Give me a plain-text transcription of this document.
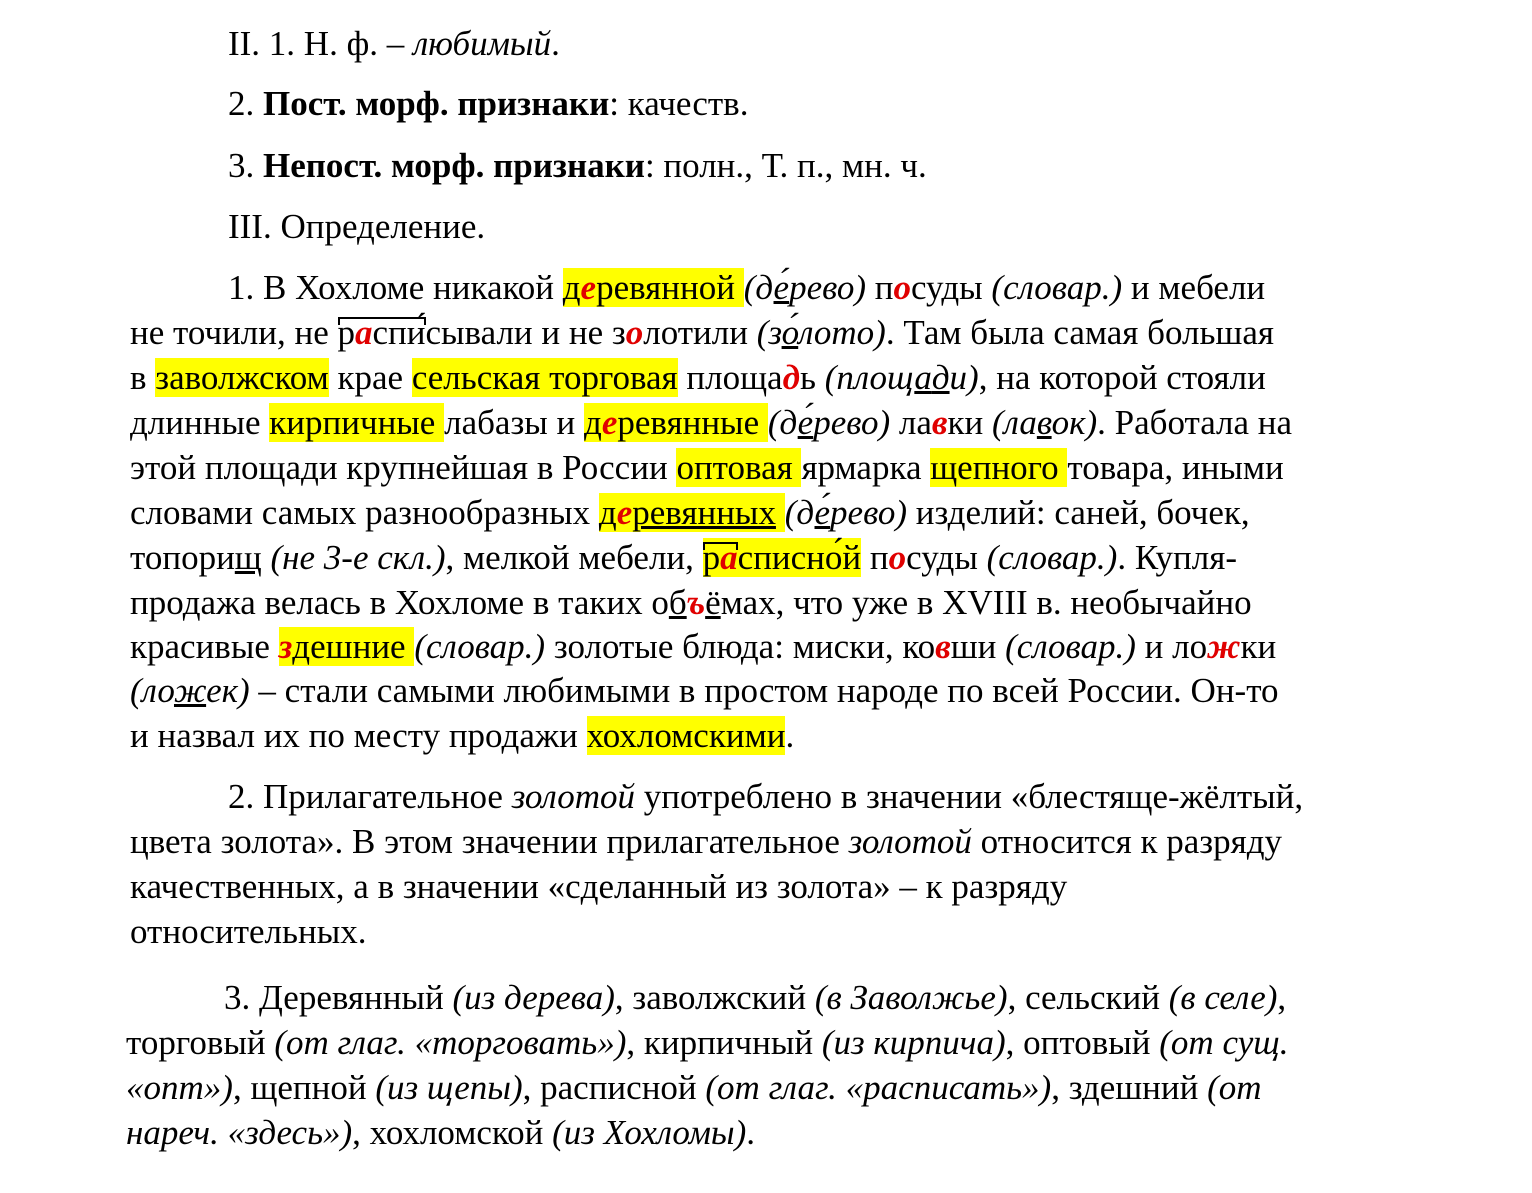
II. 1. Н. ф. – любимый.
2. Пост. морф. признаки: качеств.
3. Непост. морф. признаки: полн., Т. п., мн. ч.
III. Определение.
1. В Хохломе никакой деревянной (де́рево) посуды (словар.) и мебели
не точили, не распи́сывали и не золотили (зо́лото). Там была самая большая
в заволжском крае сельская торговая площадь (площади), на которой стояли
длинные кирпичные лабазы и деревянные (де́рево) лавки (лавок). Работала на
этой площади крупнейшая в России оптовая ярмарка щепного товара, иными
словами самых разнообразных деревянных (де́рево) изделий: саней, бочек,
топорищ (не 3-е скл.), мелкой мебели, расписно́й посуды (словар.). Купля-
продажа велась в Хохломе в таких объёмах, что уже в XVIII в. необычайно
красивые здешние (словар.) золотые блюда: миски, ковши (словар.) и ложки
(ложек) – стали самыми любимыми в простом народе по всей России. Он-то
и назвал их по месту продажи хохломскими.
2. Прилагательное золотой употреблено в значении «блестяще-жёлтый,
цвета золота». В этом значении прилагательное золотой относится к разряду
качественных, а в значении «сделанный из золота» – к разряду
относительных.
3. Деревянный (из дерева), заволжский (в Заволжье), сельский (в селе),
торговый (от глаг. «торговать»), кирпичный (из кирпича), оптовый (от сущ.
«опт»), щепной (из щепы), расписной (от глаг. «расписать»), здешний (от
нареч. «здесь»), хохломской (из Хохломы).
